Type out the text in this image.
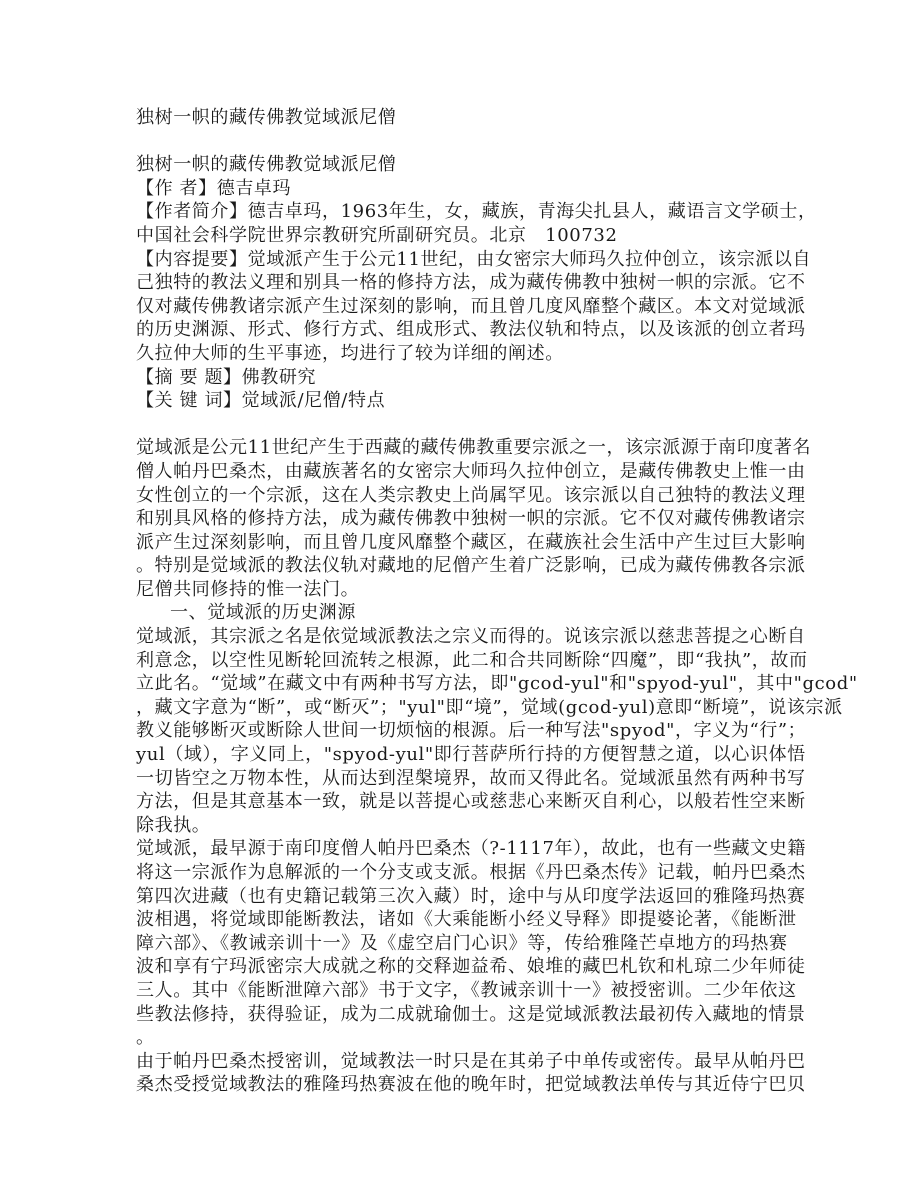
独树一帜的藏传佛教觉域派尼僧
独树一帜的藏传佛教觉域派尼僧
【作 者】德吉卓玛
【作者简介】德吉卓玛，1963年生，女，藏族，青海尖扎县人，藏语言文学硕士，
中国社会科学院世界宗教研究所副研究员。北京　100732
【内容提要】觉域派产生于公元11世纪，由女密宗大师玛久拉仲创立，该宗派以自
己独特的教法义理和别具一格的修持方法，成为藏传佛教中独树一帜的宗派。它不
仅对藏传佛教诸宗派产生过深刻的影响，而且曾几度风靡整个藏区。本文对觉域派
的历史渊源、形式、修行方式、组成形式、教法仪轨和特点，以及该派的创立者玛
久拉仲大师的生平事迹，均进行了较为详细的阐述。
【摘 要 题】佛教研究
【关 键 词】觉域派/尼僧/特点
觉域派是公元11世纪产生于西藏的藏传佛教重要宗派之一，该宗派源于南印度著名
僧人帕丹巴桑杰，由藏族著名的女密宗大师玛久拉仲创立，是藏传佛教史上惟一由
女性创立的一个宗派，这在人类宗教史上尚属罕见。该宗派以自己独特的教法义理
和别具风格的修持方法，成为藏传佛教中独树一帜的宗派。它不仅对藏传佛教诸宗
派产生过深刻影响，而且曾几度风靡整个藏区，在藏族社会生活中产生过巨大影响
。特别是觉域派的教法仪轨对藏地的尼僧产生着广泛影响，已成为藏传佛教各宗派
尼僧共同修持的惟一法门。
一、觉域派的历史渊源
觉域派，其宗派之名是依觉域派教法之宗义而得的。说该宗派以慈悲菩提之心断自
利意念，以空性见断轮回流转之根源，此二和合共同断除“四魔”，即“我执”，故而
立此名。“觉域”在藏文中有两种书写方法，即"gcod-yul"和"spyod-yul"，其中"gcod"
，藏文字意为“断”，或“断灭”；"yul"即“境”，觉域(gcod-yul)意即“断境”，说该宗派
教义能够断灭或断除人世间一切烦恼的根源。后一种写法"spyod"，字义为“行”；
yul（域），字义同上，"spyod-yul"即行菩萨所行持的方便智慧之道，以心识体悟
一切皆空之万物本性，从而达到涅槃境界，故而又得此名。觉域派虽然有两种书写
方法，但是其意基本一致，就是以菩提心或慈悲心来断灭自利心，以般若性空来断
除我执。
觉域派，最早源于南印度僧人帕丹巴桑杰（?-1117年），故此，也有一些藏文史籍
将这一宗派作为息解派的一个分支或支派。根据《丹巴桑杰传》记载，帕丹巴桑杰
第四次进藏（也有史籍记载第三次入藏）时，途中与从印度学法返回的雅隆玛热赛
波相遇，将觉域即能断教法，诸如《大乘能断小经义导释》即提婆论著，《能断泄
障六部》、《教诫亲训十一》及《虚空启门心识》等，传给雅隆芒卓地方的玛热赛
波和享有宁玛派密宗大成就之称的交释迦益希、娘堆的藏巴札钦和札琼二少年师徒
三人。其中《能断泄障六部》书于文字，《教诫亲训十一》被授密训。二少年依这
些教法修持，获得验证，成为二成就瑜伽士。这是觉域派教法最初传入藏地的情景
。
由于帕丹巴桑杰授密训，觉域教法一时只是在其弟子中单传或密传。最早从帕丹巴
桑杰受授觉域教法的雅隆玛热赛波在他的晚年时，把觉域教法单传与其近侍宁巴贝
